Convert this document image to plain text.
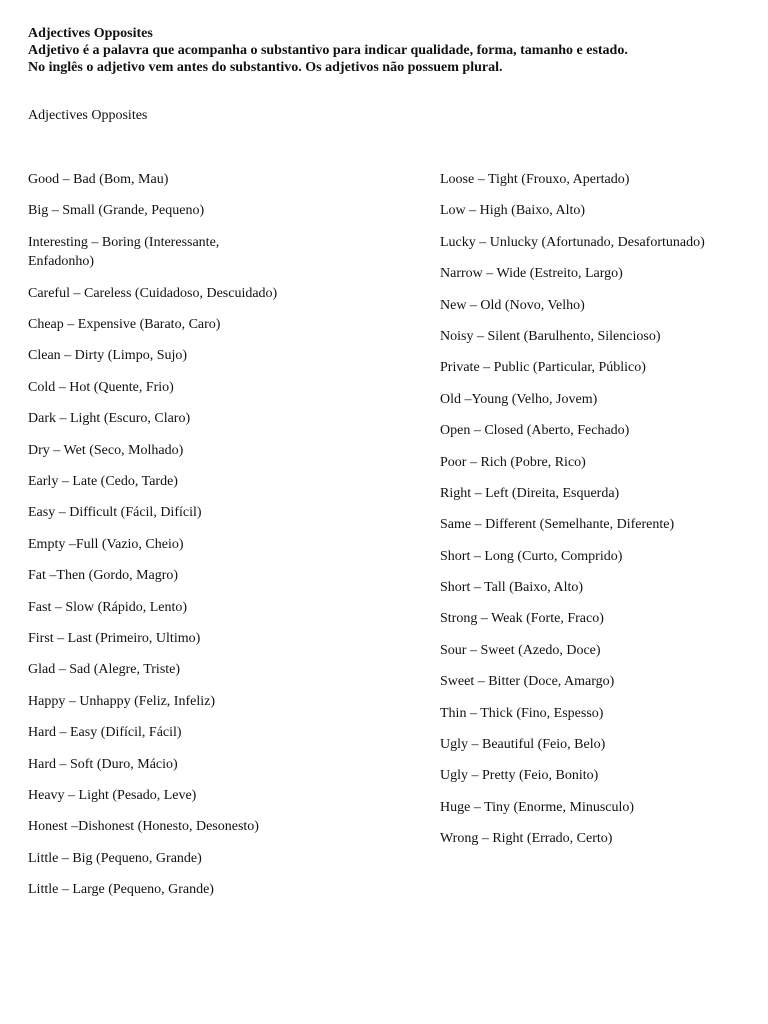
Adjectives Opposites
Adjetivo é a palavra que acompanha o substantivo para indicar qualidade, forma, tamanho e estado.
No inglês o adjetivo vem antes do substantivo. Os adjetivos não possuem plural.
Adjectives Opposites
Good – Bad (Bom, Mau)
Big – Small (Grande, Pequeno)
Interesting – Boring (Interessante, Enfadonho)
Careful – Careless (Cuidadoso, Descuidado)
Cheap – Expensive (Barato, Caro)
Clean – Dirty (Limpo, Sujo)
Cold – Hot (Quente, Frio)
Dark – Light (Escuro, Claro)
Dry – Wet (Seco, Molhado)
Early – Late (Cedo, Tarde)
Easy – Difficult (Fácil, Difícil)
Empty –Full (Vazio, Cheio)
Fat –Then (Gordo, Magro)
Fast – Slow (Rápido, Lento)
First – Last (Primeiro, Ultimo)
Glad – Sad (Alegre, Triste)
Happy – Unhappy (Feliz, Infeliz)
Hard – Easy (Difícil, Fácil)
Hard – Soft (Duro, Mácio)
Heavy – Light (Pesado, Leve)
Honest –Dishonest (Honesto, Desonesto)
Little – Big (Pequeno, Grande)
Little – Large (Pequeno, Grande)
Loose – Tight (Frouxo, Apertado)
Low – High (Baixo, Alto)
Lucky – Unlucky (Afortunado, Desafortunado)
Narrow – Wide (Estreito, Largo)
New – Old (Novo, Velho)
Noisy – Silent (Barulhento, Silencioso)
Private – Public (Particular, Público)
Old –Young (Velho, Jovem)
Open – Closed (Aberto, Fechado)
Poor – Rich (Pobre, Rico)
Right – Left (Direita, Esquerda)
Same – Different (Semelhante, Diferente)
Short – Long (Curto, Comprido)
Short – Tall (Baixo, Alto)
Strong – Weak (Forte, Fraco)
Sour – Sweet (Azedo, Doce)
Sweet – Bitter (Doce, Amargo)
Thin – Thick (Fino, Espesso)
Ugly – Beautiful (Feio, Belo)
Ugly – Pretty (Feio, Bonito)
Huge – Tiny (Enorme, Minusculo)
Wrong – Right (Errado, Certo)
